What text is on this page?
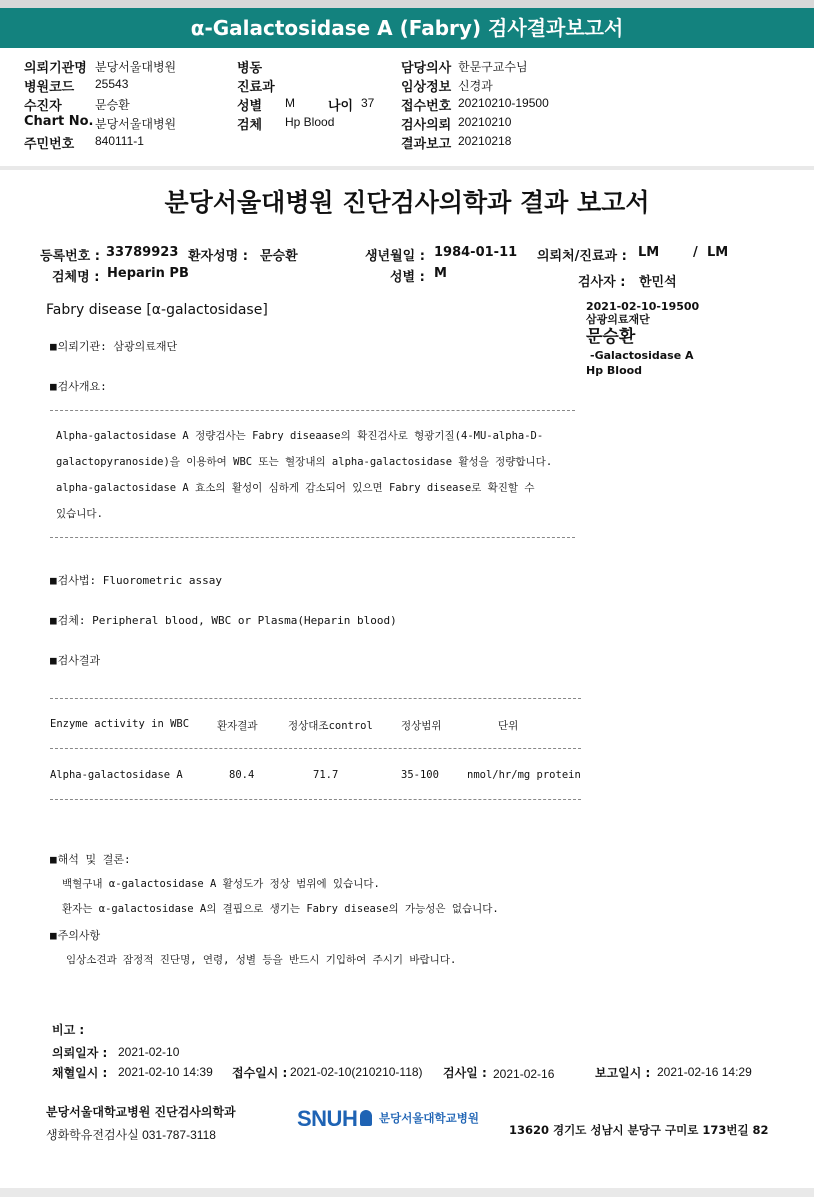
α-Galactosidase A (Fabry) 검사결과보고서
의뢰기관명 분당서울대병원
병원코드 25543
수진자	문승환
Chart No. 분당서울대병원
주민번호 840111-1
병동
진료과
성별 M	나이 37
검체 Hp Blood
담당의사 한문구교수님
임상정보 신경과
접수번호 20210210-19500
검사의뢰 20210210
결과보고 20210218
분당서울대병원 진단검사의학과 결과 보고서
등록번호 : 33789923 환자성명 : 문승환	생년월일 : 1984-01-11 의뢰처/진료과 : LM	/ LM
검체명 : Heparin PB	성별 : M
검사자 : 한민석
Fabry disease [α-galactosidase]	2021-02-10-19500
삼광의료재단
문승환
-Galactosidase A
Hp Blood
■ 의뢰기관: 삼광의료재단
■ 검사개요:
Alpha-galactosidase A 정량검사는 Fabry diseaase의 확진검사로 형광기질(4-MU-alpha-D-
galactopyranoside)을 이용하여 WBC 또는 혈장내의 alpha-galactosidase 활성을 정량합니다.
alpha-galactosidase A 효소의 활성이 심하게 감소되어 있으면 Fabry disease로 확진할 수
있습니다.
■ 검사법: Fluorometric assay
■ 검체: Peripheral blood, WBC or Plasma(Heparin blood)
■ 검사결과
Enzyme activity in WBC	환자결과	정상대조control	정상범위	단위
Alpha-galactosidase A	80.4	71.7	35-100	nmol/hr/mg protein
■ 해석 및 결론:
백혈구내 α-galactosidase A 활성도가 정상 범위에 있습니다.
환자는 α-galactosidase A의 결핍으로 생기는 Fabry disease의 가능성은 없습니다.
■ 주의사항
임상소견과 잠정적 진단명, 연령, 성별 등을 반드시 기입하여 주시기 바랍니다.
비고 :
의뢰일자 : 2021-02-10
채혈일시 : 2021-02-10 14:39 접수일시 : 2021-02-10(210210-118) 검사일 : 2021-02-16	보고일시 : 2021-02-16 14:29
분당서울대학교병원 진단검사의학과
생화학유전검사실 031-787-3118
SNUH 분당서울대학교병원
13620 경기도 성남시 분당구 구미로 173번길 82
